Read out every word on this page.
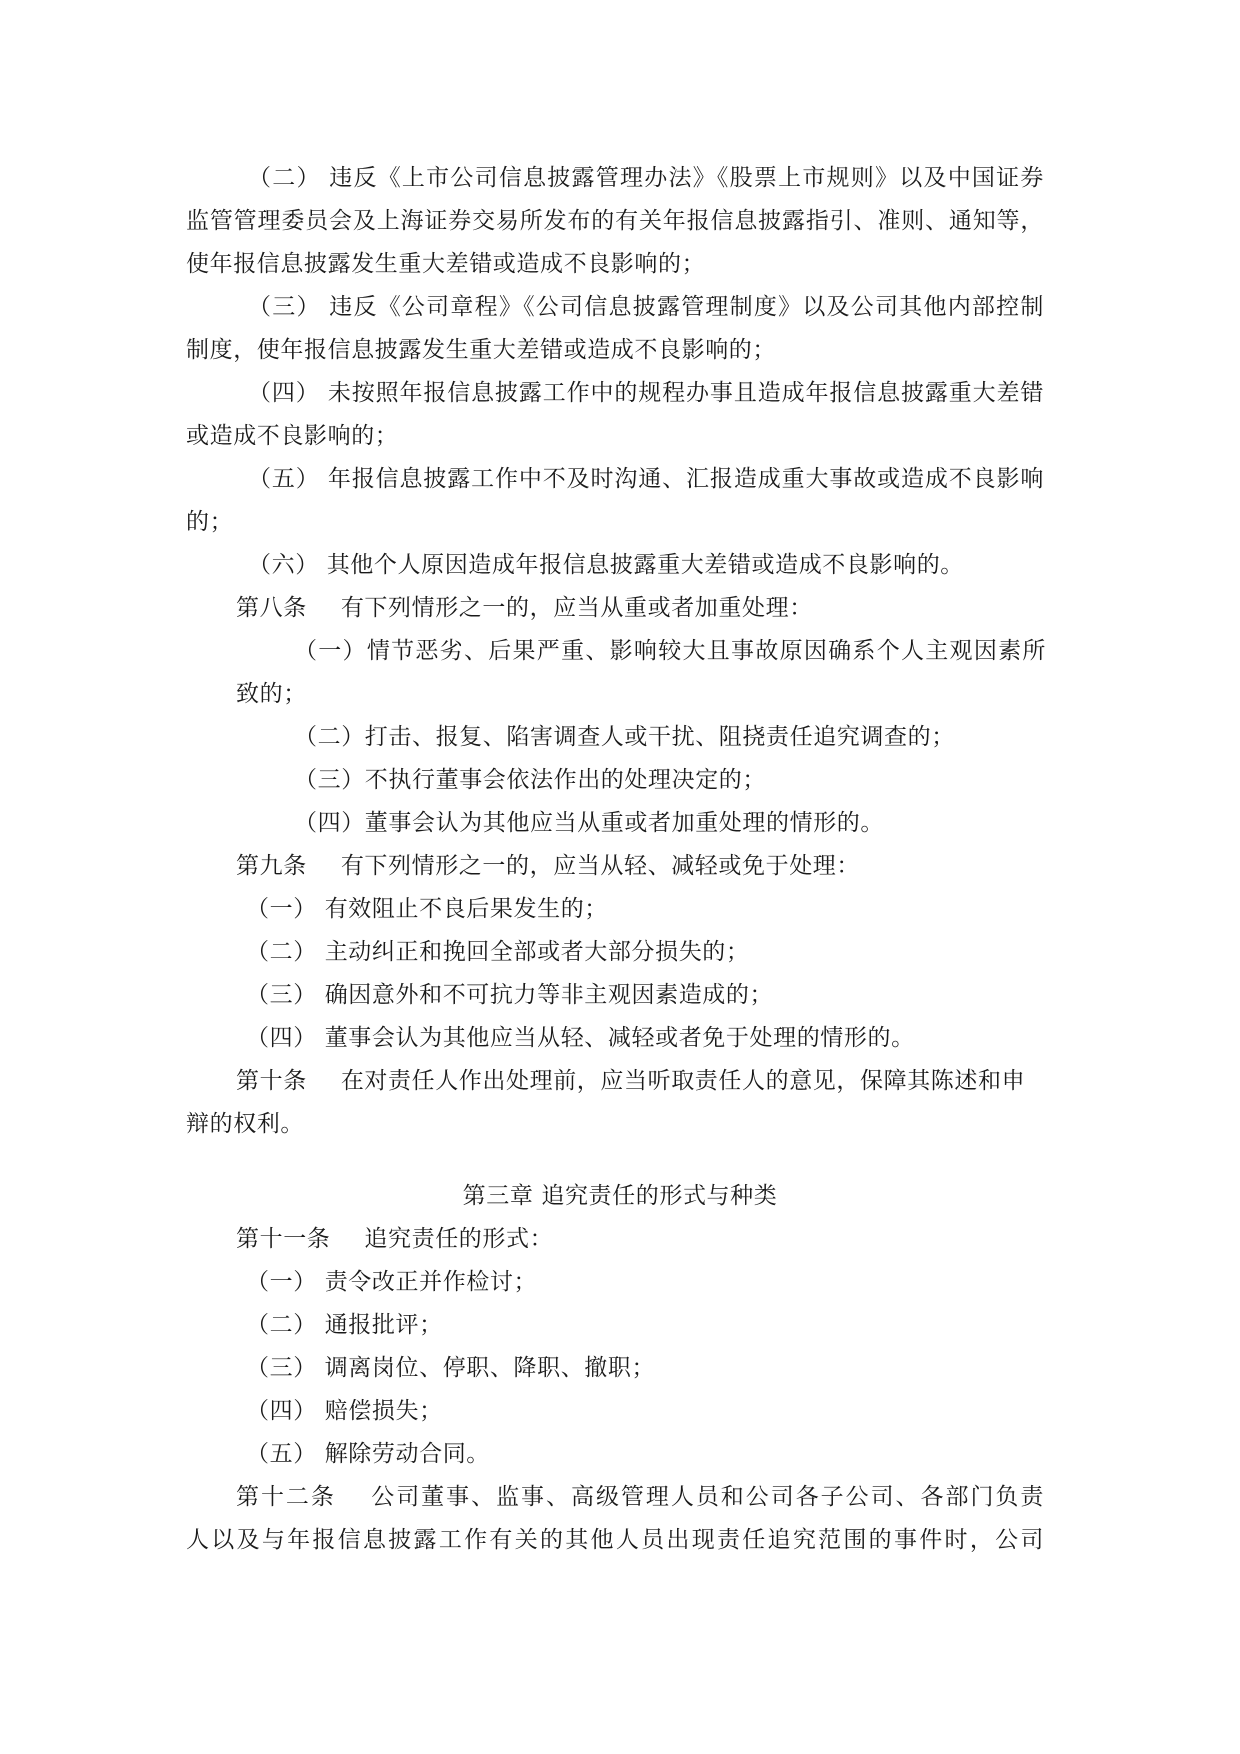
（二） 违反《上市公司信息披露管理办法》《股票上市规则》以及中国证券
监管管理委员会及上海证券交易所发布的有关年报信息披露指引、准则、通知等，
使年报信息披露发生重大差错或造成不良影响的；
（三） 违反《公司章程》《公司信息披露管理制度》以及公司其他内部控制
制度，使年报信息披露发生重大差错或造成不良影响的；
（四） 未按照年报信息披露工作中的规程办事且造成年报信息披露重大差错
或造成不良影响的；
（五） 年报信息披露工作中不及时沟通、汇报造成重大事故或造成不良影响
的；
（六） 其他个人原因造成年报信息披露重大差错或造成不良影响的。
第八条 有下列情形之一的，应当从重或者加重处理：
（一）情节恶劣、后果严重、影响较大且事故原因确系个人主观因素所
致的；
（二）打击、报复、陷害调查人或干扰、阻挠责任追究调查的；
（三）不执行董事会依法作出的处理决定的；
（四）董事会认为其他应当从重或者加重处理的情形的。
第九条 有下列情形之一的，应当从轻、减轻或免于处理：
（一） 有效阻止不良后果发生的；
（二） 主动纠正和挽回全部或者大部分损失的；
（三） 确因意外和不可抗力等非主观因素造成的；
（四） 董事会认为其他应当从轻、减轻或者免于处理的情形的。
第十条 在对责任人作出处理前，应当听取责任人的意见，保障其陈述和申
辩的权利。
第三章 追究责任的形式与种类
第十一条 追究责任的形式：
（一） 责令改正并作检讨；
（二） 通报批评；
（三） 调离岗位、停职、降职、撤职；
（四） 赔偿损失；
（五） 解除劳动合同。
第十二条 公司董事、监事、高级管理人员和公司各子公司、各部门负责
人以及与年报信息披露工作有关的其他人员出现责任追究范围的事件时，公司
